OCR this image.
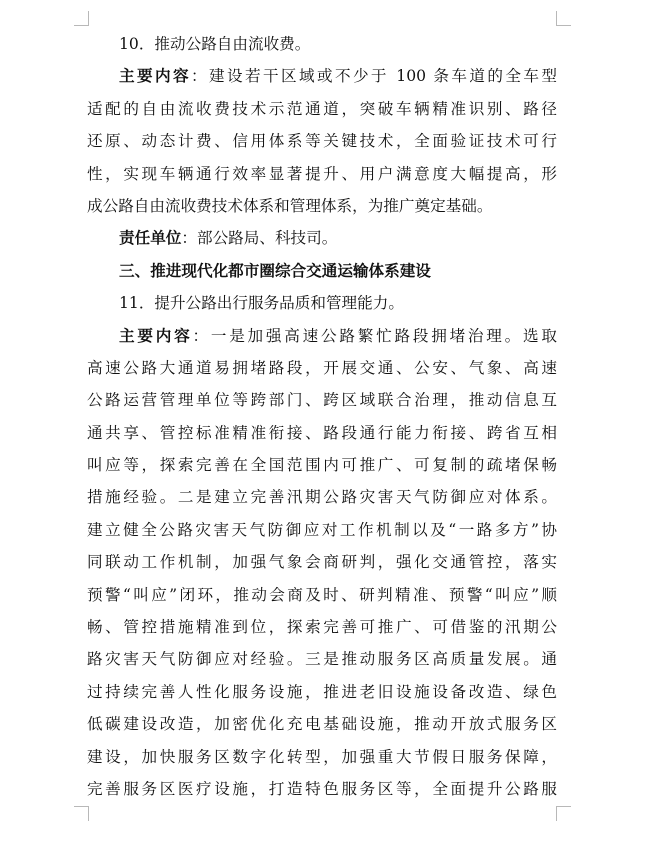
10．推动公路自由流收费。
主要内容：建设若干区域或不少于 100 条车道的全车型
适配的自由流收费技术示范通道，突破车辆精准识别、路径
还原、动态计费、信用体系等关键技术，全面验证技术可行
性，实现车辆通行效率显著提升、用户满意度大幅提高，形
成公路自由流收费技术体系和管理体系，为推广奠定基础。
责任单位：部公路局、科技司。
三、推进现代化都市圈综合交通运输体系建设
11．提升公路出行服务品质和管理能力。
主要内容：一是加强高速公路繁忙路段拥堵治理。选取
高速公路大通道易拥堵路段，开展交通、公安、气象、高速
公路运营管理单位等跨部门、跨区域联合治理，推动信息互
通共享、管控标准精准衔接、路段通行能力衔接、跨省互相
叫应等，探索完善在全国范围内可推广、可复制的疏堵保畅
措施经验。二是建立完善汛期公路灾害天气防御应对体系。
建立健全公路灾害天气防御应对工作机制以及“一路多方”协
同联动工作机制，加强气象会商研判，强化交通管控，落实
预警“叫应”闭环，推动会商及时、研判精准、预警“叫应”顺
畅、管控措施精准到位，探索完善可推广、可借鉴的汛期公
路灾害天气防御应对经验。三是推动服务区高质量发展。通
过持续完善人性化服务设施，推进老旧设施设备改造、绿色
低碳建设改造，加密优化充电基础设施，推动开放式服务区
建设，加快服务区数字化转型，加强重大节假日服务保障，
完善服务区医疗设施，打造特色服务区等，全面提升公路服
